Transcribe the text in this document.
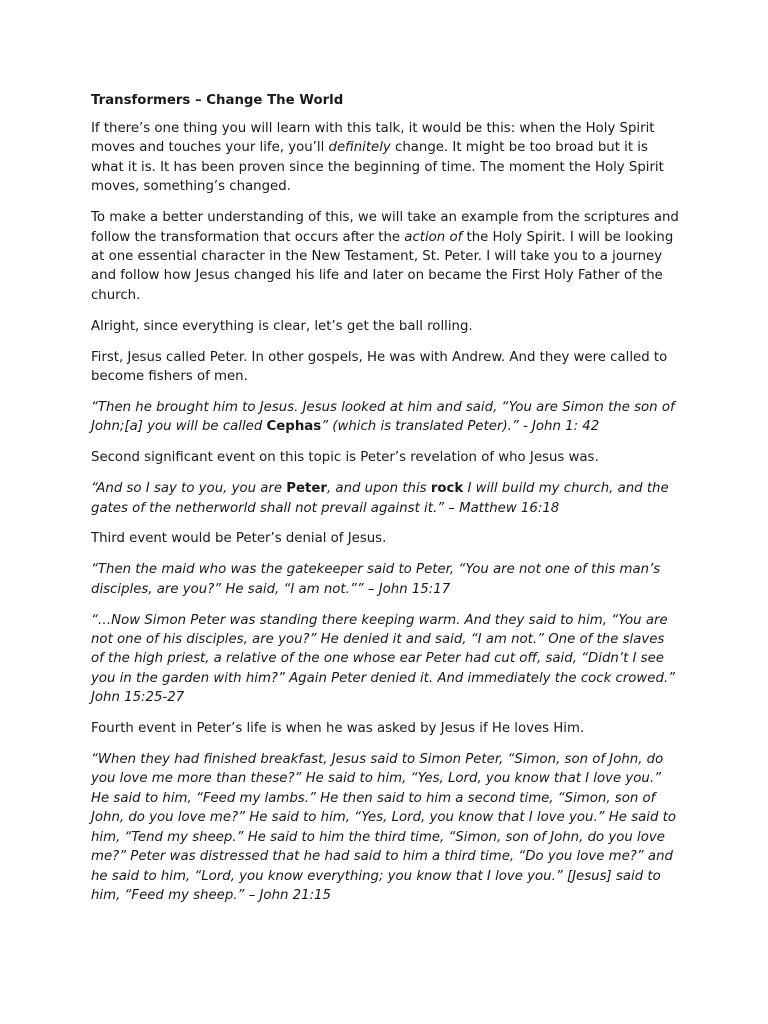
Transformers – Change The World

If there’s one thing you will learn with this talk, it would be this: when the Holy Spirit moves and touches your life, you’ll definitely change. It might be too broad but it is what it is. It has been proven since the beginning of time. The moment the Holy Spirit moves, something’s changed.

To make a better understanding of this, we will take an example from the scriptures and follow the transformation that occurs after the action of the Holy Spirit. I will be looking at one essential character in the New Testament, St. Peter. I will take you to a journey and follow how Jesus changed his life and later on became the First Holy Father of the church.

Alright, since everything is clear, let’s get the ball rolling.

First, Jesus called Peter. In other gospels, He was with Andrew. And they were called to become fishers of men.

“Then he brought him to Jesus. Jesus looked at him and said, “You are Simon the son of John;[a] you will be called Cephas” (which is translated Peter).” - John 1: 42

Second significant event on this topic is Peter’s revelation of who Jesus was.

“And so I say to you, you are Peter, and upon this rock I will build my church, and the gates of the netherworld shall not prevail against it.” – Matthew 16:18

Third event would be Peter’s denial of Jesus.

“Then the maid who was the gatekeeper said to Peter, “You are not one of this man’s disciples, are you?” He said, “I am not.”” – John 15:17

“…Now Simon Peter was standing there keeping warm. And they said to him, “You are not one of his disciples, are you?” He denied it and said, “I am not.” One of the slaves of the high priest, a relative of the one whose ear Peter had cut off, said, “Didn’t I see you in the garden with him?” Again Peter denied it. And immediately the cock crowed.” John 15:25-27

Fourth event in Peter’s life is when he was asked by Jesus if He loves Him.

“When they had finished breakfast, Jesus said to Simon Peter, “Simon, son of John, do you love me more than these?” He said to him, “Yes, Lord, you know that I love you.” He said to him, “Feed my lambs.” He then said to him a second time, “Simon, son of John, do you love me?” He said to him, “Yes, Lord, you know that I love you.” He said to him, “Tend my sheep.” He said to him the third time, “Simon, son of John, do you love me?” Peter was distressed that he had said to him a third time, “Do you love me?” and he said to him, “Lord, you know everything; you know that I love you.” [Jesus] said to him, “Feed my sheep.” – John 21:15
